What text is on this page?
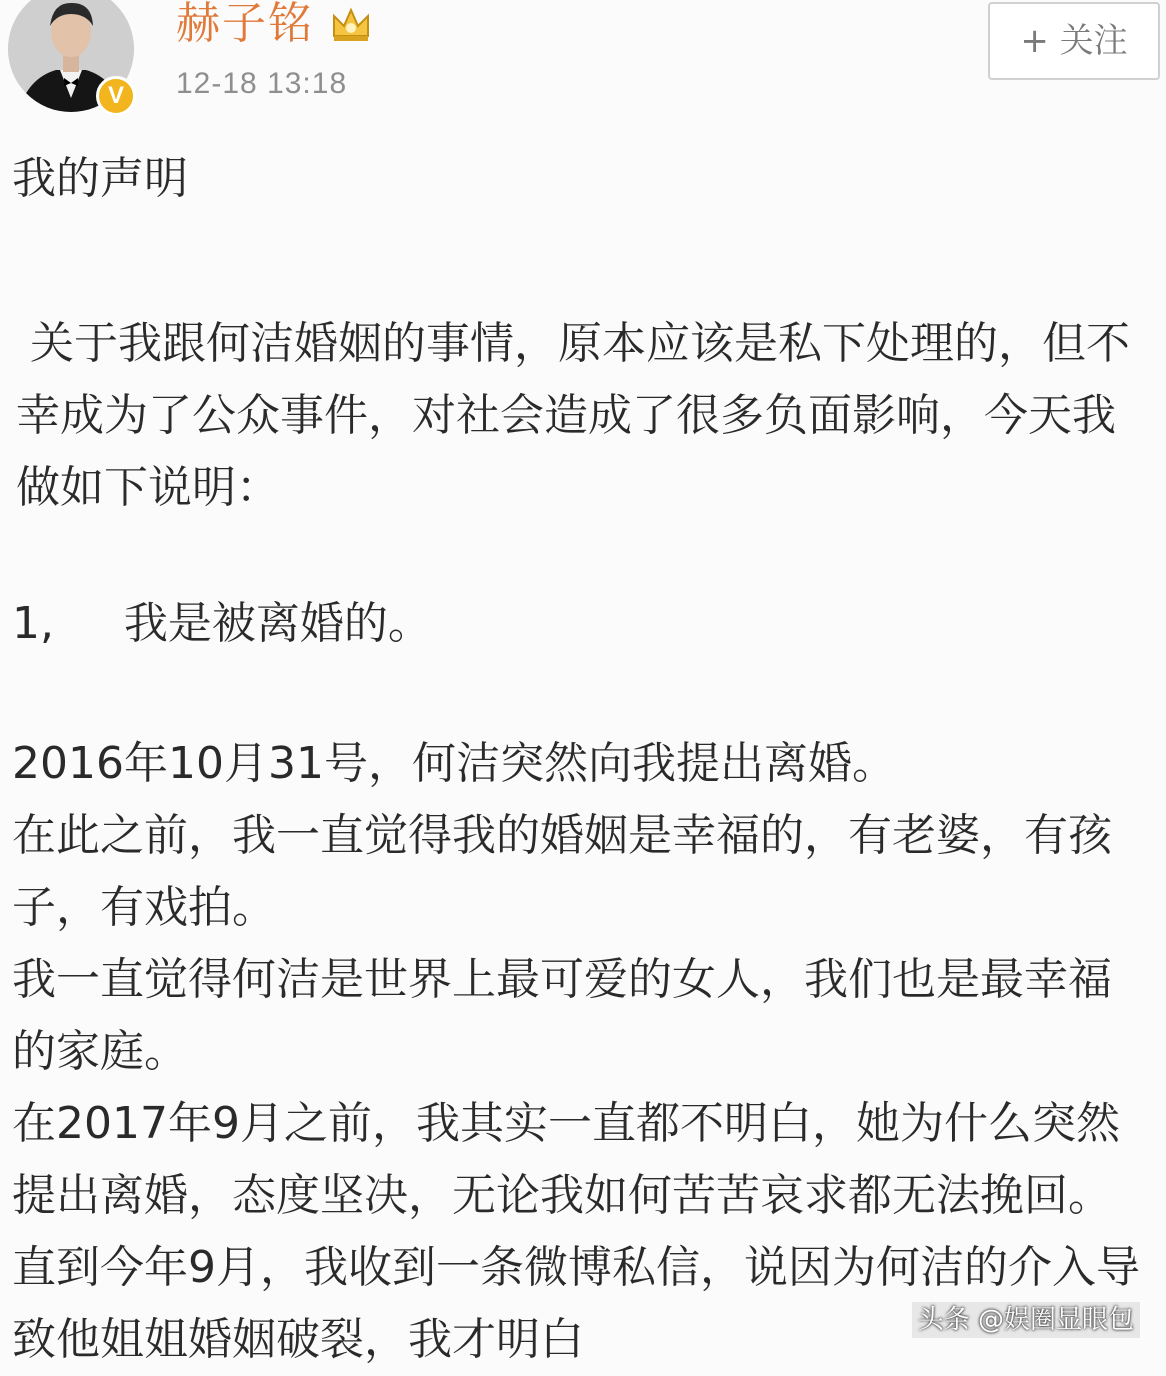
V
赫子铭
12-18 13:18
+ 关注
我的声明

关于我跟何洁婚姻的事情，原本应该是私下处理的，但不幸成为了公众事件，对社会造成了很多负面影响，今天我做如下说明：

1,     我是被离婚的。

2016年10月31号，何洁突然向我提出离婚。

在此之前，我一直觉得我的婚姻是幸福的，有老婆，有孩子，有戏拍。

我一直觉得何洁是世界上最可爱的女人，我们也是最幸福的家庭。

在2017年9月之前，我其实一直都不明白，她为什么突然提出离婚，态度坚决，无论我如何苦苦哀求都无法挽回。直到今年9月，我收到一条微博私信，说因为何洁的介入导致他姐姐婚姻破裂，我才明白	头条 @娱圈显眼包
